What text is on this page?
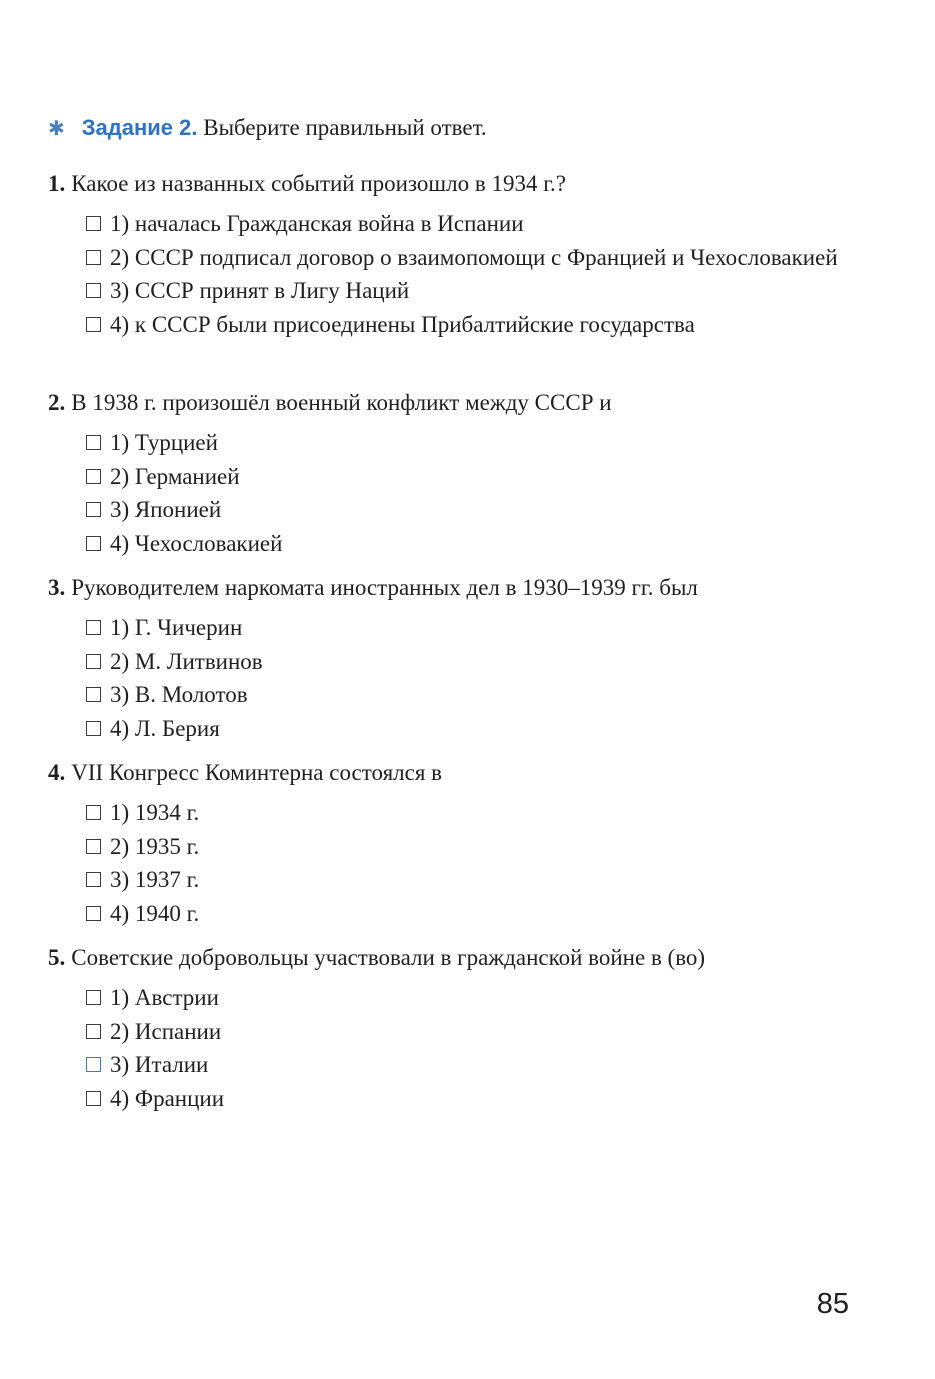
✱ Задание 2. Выберите правильный ответ.
1. Какое из названных событий произошло в 1934 г.?
1) началась Гражданская война в Испании
2) СССР подписал договор о взаимопомощи с Францией и Чехословакией
3) СССР принят в Лигу Наций
4) к СССР были присоединены Прибалтийские государства
2. В 1938 г. произошёл военный конфликт между СССР и
1) Турцией
2) Германией
3) Японией
4) Чехословакией
3. Руководителем наркомата иностранных дел в 1930–1939 гг. был
1) Г. Чичерин
2) М. Литвинов
3) В. Молотов
4) Л. Берия
4. VII Конгресс Коминтерна состоялся в
1) 1934 г.
2) 1935 г.
3) 1937 г.
4) 1940 г.
5. Советские добровольцы участвовали в гражданской войне в (во)
1) Австрии
2) Испании
3) Италии
4) Франции
85
